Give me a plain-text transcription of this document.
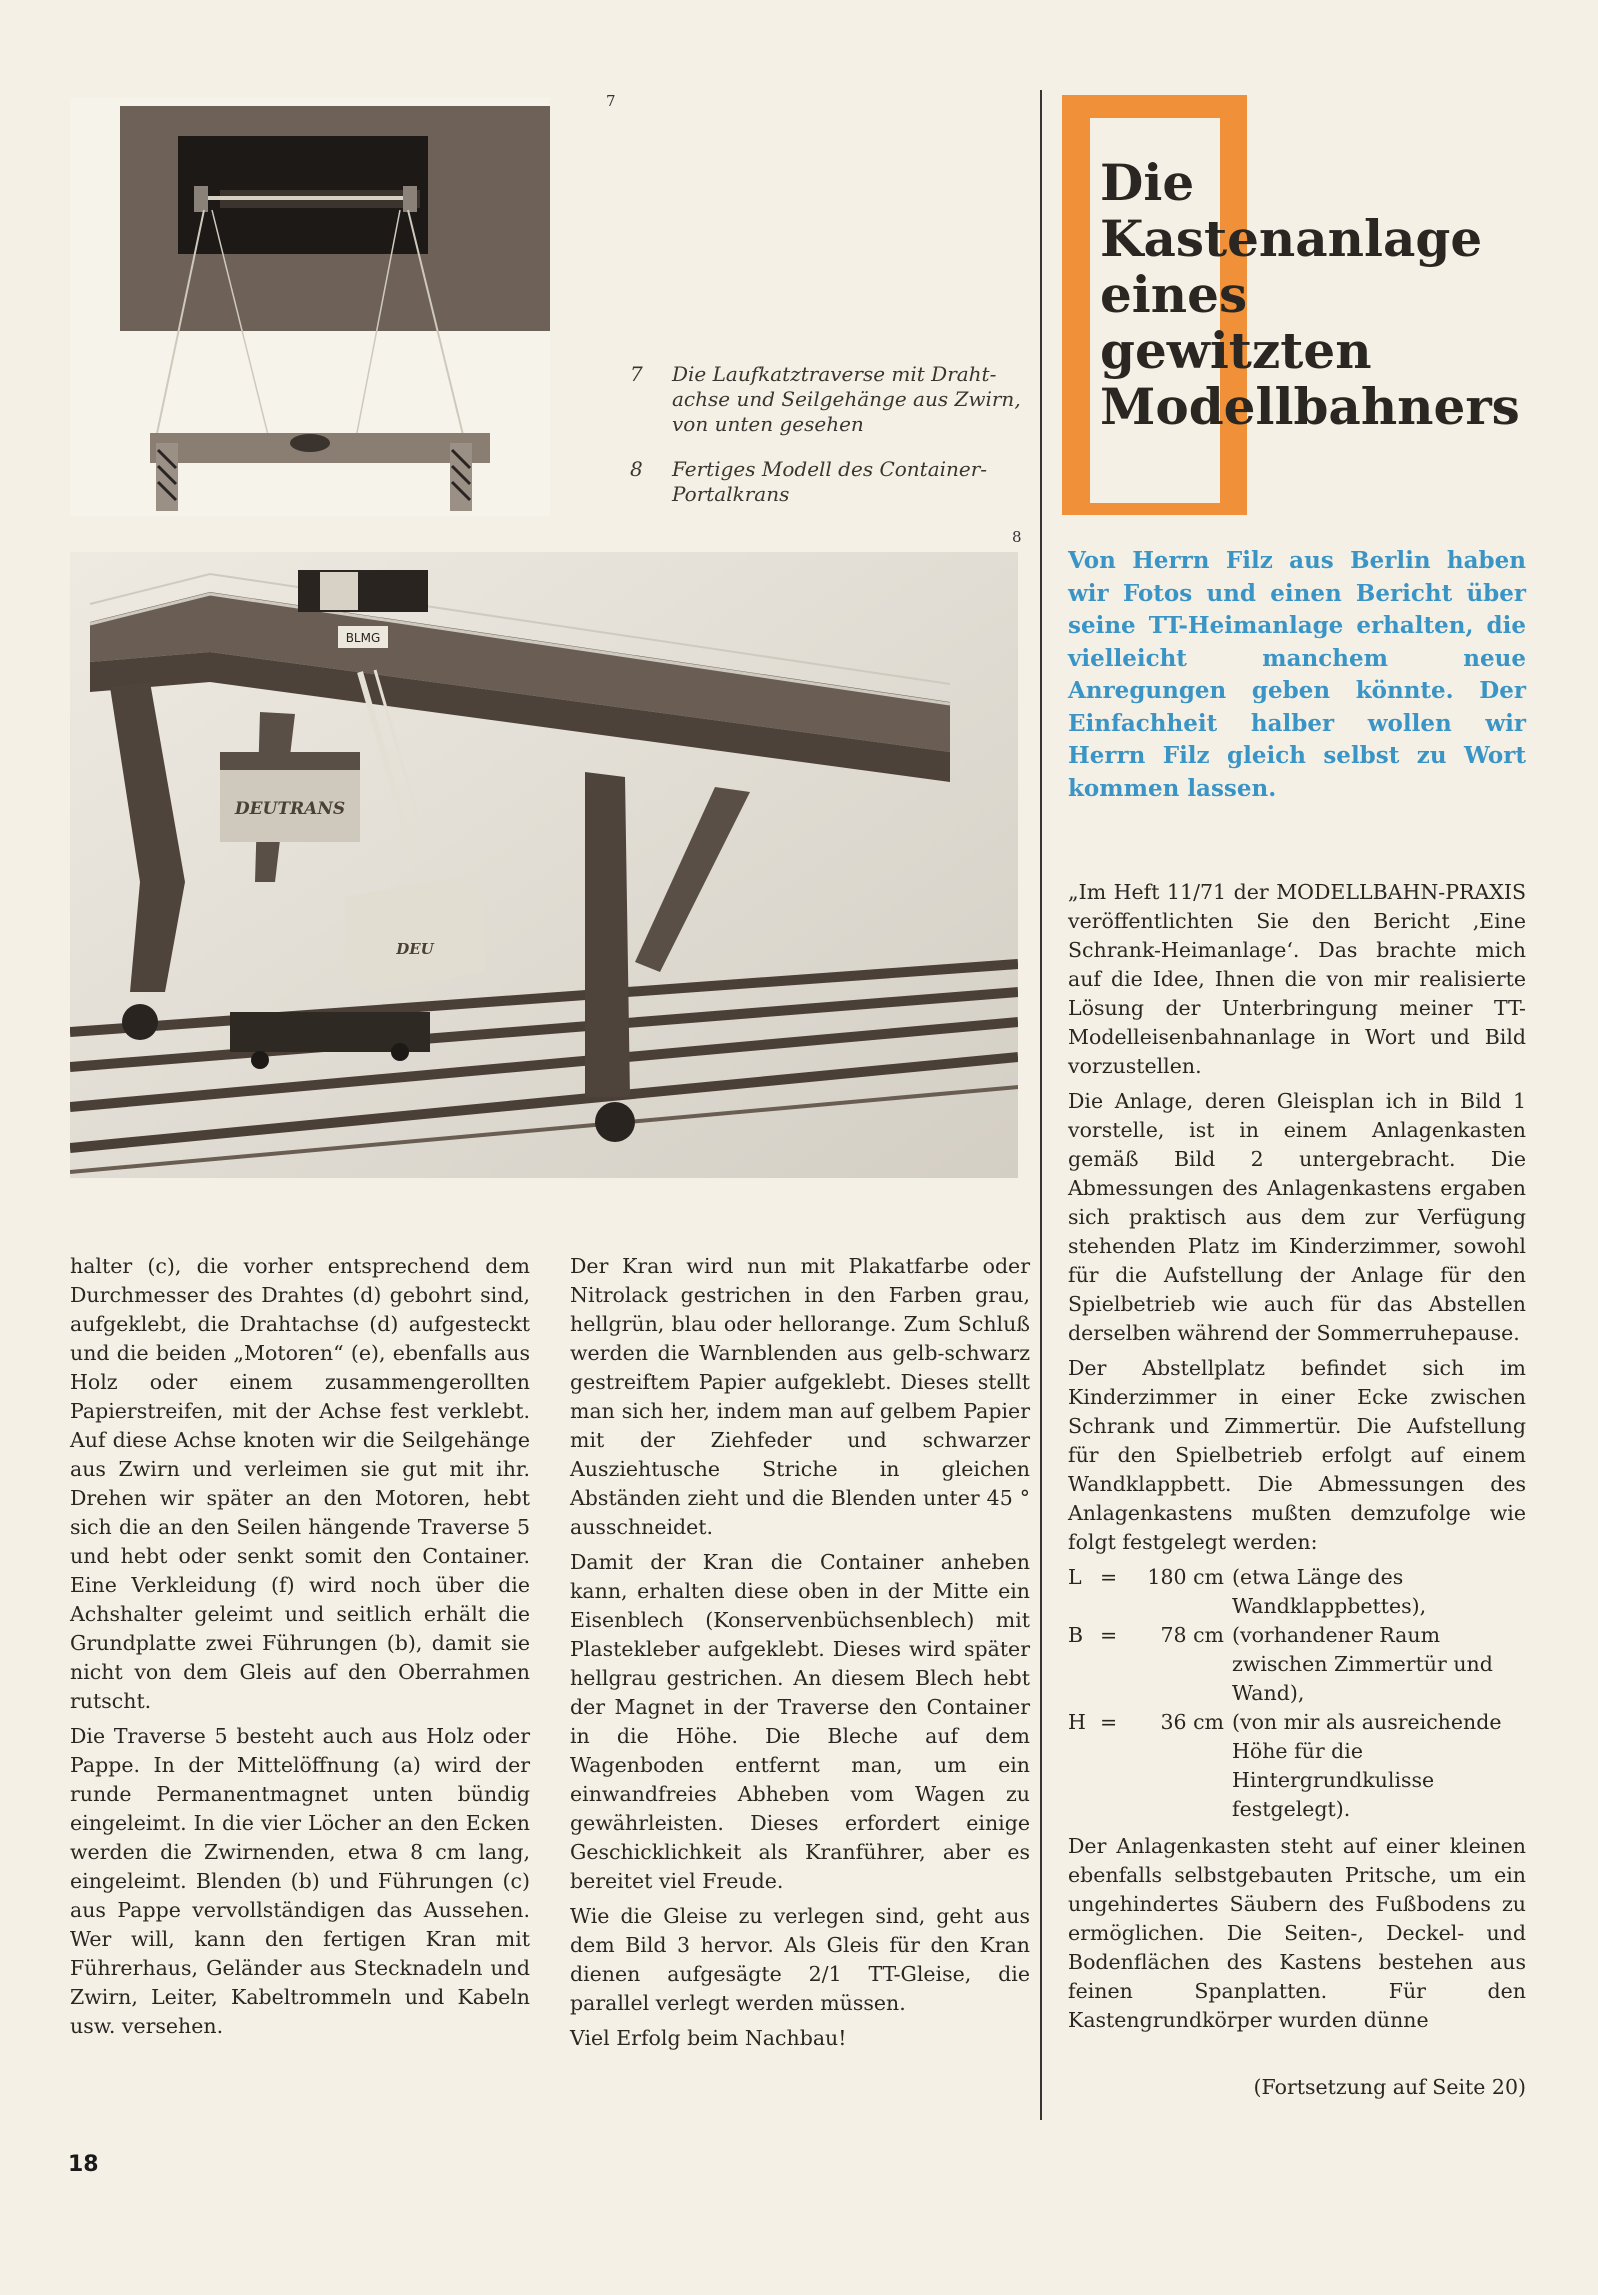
7
7 Die Laufkatztraverse mit Draht-achse und Seilgehänge aus Zwirn, von unten gesehen
8 Fertiges Modell des Container-Portalkrans
8
BLMG
DEUTRANS
DEU
Die
Kastenanlage
eines
gewitzten
Modellbahners
Von Herrn Filz aus Berlin haben wir Fotos und einen Bericht über seine TT-Heimanlage erhalten, die vielleicht manchem neue Anregungen geben könnte. Der Einfachheit halber wollen wir Herrn Filz gleich selbst zu Wort kommen lassen.

halter (c), die vorher entsprechend dem Durchmesser des Drahtes (d) gebohrt sind, aufgeklebt, die Drahtachse (d) aufgesteckt und die beiden „Motoren“ (e), ebenfalls aus Holz oder einem zusammengerollten Papierstreifen, mit der Achse fest verklebt. Auf diese Achse knoten wir die Seilgehänge aus Zwirn und verleimen sie gut mit ihr. Drehen wir später an den Motoren, hebt sich die an den Seilen hängende Traverse 5 und hebt oder senkt somit den Container. Eine Verkleidung (f) wird noch über die Achshalter geleimt und seitlich erhält die Grundplatte zwei Führungen (b), damit sie nicht von dem Gleis auf den Oberrahmen rutscht.

Die Traverse 5 besteht auch aus Holz oder Pappe. In der Mittelöffnung (a) wird der runde Permanentmagnet unten bündig eingeleimt. In die vier Löcher an den Ecken werden die Zwirnenden, etwa 8 cm lang, eingeleimt. Blenden (b) und Führungen (c) aus Pappe vervollständigen das Aussehen. Wer will, kann den fertigen Kran mit Führerhaus, Geländer aus Stecknadeln und Zwirn, Leiter, Kabeltrommeln und Kabeln usw. versehen.

Der Kran wird nun mit Plakatfarbe oder Nitrolack gestrichen in den Farben grau, hellgrün, blau oder hellorange. Zum Schluß werden die Warnblenden aus gelb-schwarz gestreiftem Papier aufgeklebt. Dieses stellt man sich her, indem man auf gelbem Papier mit der Ziehfeder und schwarzer Ausziehtusche Striche in gleichen Abständen zieht und die Blenden unter 45 ° ausschneidet.

Damit der Kran die Container anheben kann, erhalten diese oben in der Mitte ein Eisenblech (Konservenbüchsenblech) mit Plastekleber aufgeklebt. Dieses wird später hellgrau gestrichen. An diesem Blech hebt der Magnet in der Traverse den Container in die Höhe. Die Bleche auf dem Wagenboden entfernt man, um ein einwandfreies Abheben vom Wagen zu gewährleisten. Dieses erfordert einige Geschicklichkeit als Kranführer, aber es bereitet viel Freude.

Wie die Gleise zu verlegen sind, geht aus dem Bild 3 hervor. Als Gleis für den Kran dienen aufgesägte 2/1 TT-Gleise, die parallel verlegt werden müssen.

Viel Erfolg beim Nachbau!

„Im Heft 11/71 der MODELLBAHN-PRAXIS veröffentlichten Sie den Bericht ‚Eine Schrank-Heimanlage‘. Das brachte mich auf die Idee, Ihnen die von mir realisierte Lösung der Unterbringung meiner TT-Modelleisenbahnanlage in Wort und Bild vorzustellen.

Die Anlage, deren Gleisplan ich in Bild 1 vorstelle, ist in einem Anlagenkasten gemäß Bild 2 untergebracht. Die Abmessungen des Anlagenkastens ergaben sich praktisch aus dem zur Verfügung stehenden Platz im Kinderzimmer, sowohl für die Aufstellung der Anlage für den Spielbetrieb wie auch für das Abstellen derselben während der Sommerruhepause.

Der Abstellplatz befindet sich im Kinderzimmer in einer Ecke zwischen Schrank und Zimmertür. Die Aufstellung für den Spielbetrieb erfolgt auf einem Wandklappbett. Die Abmessungen des Anlagenkastens mußten demzufolge wie folgt festgelegt werden:

L	=	180 cm	(etwa Länge des Wandklappbettes),
B	=	78 cm	(vorhandener Raum zwischen Zimmertür und Wand),
H	=	36 cm	(von mir als ausreichende Höhe für die Hintergrundkulisse festgelegt).

Der Anlagenkasten steht auf einer kleinen ebenfalls selbstgebauten Pritsche, um ein ungehindertes Säubern des Fußbodens zu ermöglichen. Die Seiten-, Deckel- und Bodenflächen des Kastens bestehen aus feinen Spanplatten. Für den Kastengrundkörper wurden dünne

(Fortsetzung auf Seite 20)
18
